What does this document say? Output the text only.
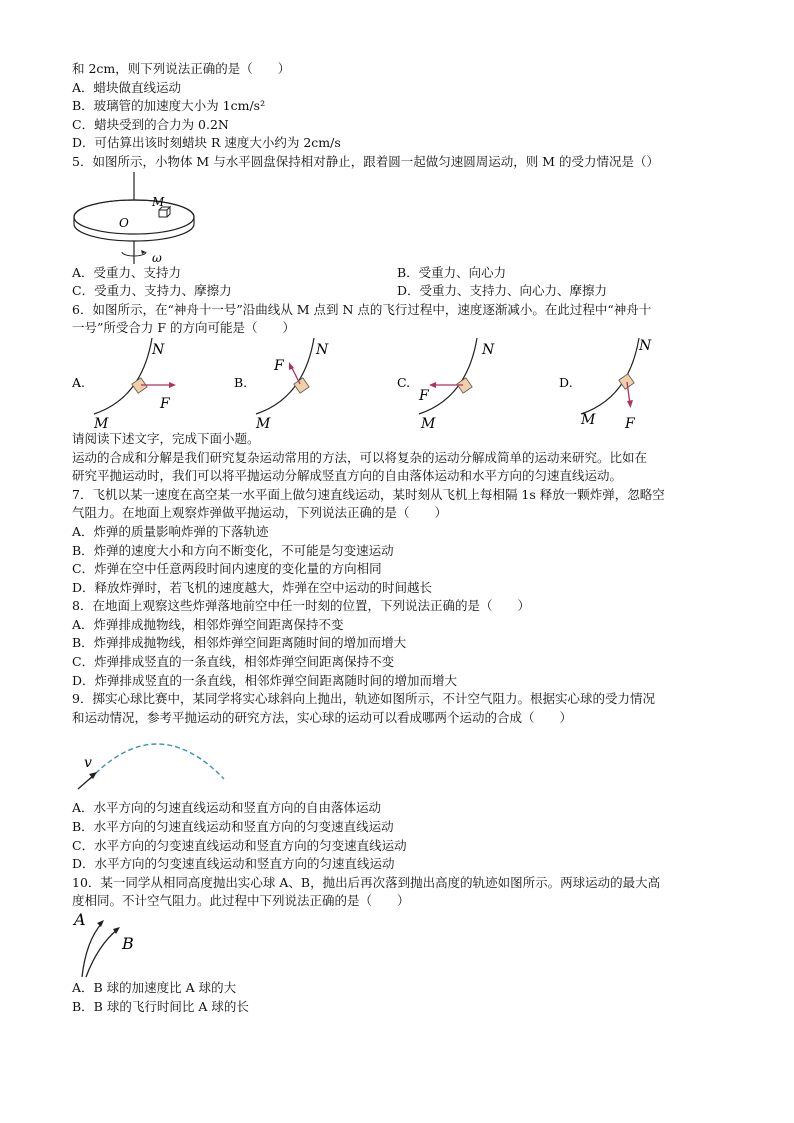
和 2cm，则下列说法正确的是（　　）
A．蜡块做直线运动
B．玻璃管的加速度大小为 1cm/s²
C．蜡块受到的合力为 0.2N
D．可估算出该时刻蜡块 R 速度大小约为 2cm/s
5．如图所示，小物体 M 与水平圆盘保持相对静止，跟着圆一起做匀速圆周运动，则 M 的受力情况是（）
M
O
ω
A．受重力、支持力	B．受重力、向心力
C．受重力、支持力、摩擦力	D．受重力、支持力、向心力、摩擦力
6．如图所示，在“神舟十一号”沿曲线从 M 点到 N 点的飞行过程中，速度逐渐减小。在此过程中“神舟十
一号”所受合力 F 的方向可能是（　　）
A.
N
M
F
B.
N
M
F
C.
N
M
F
D.
N
M F
请阅读下述文字，完成下面小题。
运动的合成和分解是我们研究复杂运动常用的方法，可以将复杂的运动分解成简单的运动来研究。比如在
研究平抛运动时，我们可以将平抛运动分解成竖直方向的自由落体运动和水平方向的匀速直线运动。
7．飞机以某一速度在高空某一水平面上做匀速直线运动，某时刻从飞机上每相隔 1s 释放一颗炸弹，忽略空
气阻力。在地面上观察炸弹做平抛运动，下列说法正确的是（　　）
A．炸弹的质量影响炸弹的下落轨迹
B．炸弹的速度大小和方向不断变化，不可能是匀变速运动
C．炸弹在空中任意两段时间内速度的变化量的方向相同
D．释放炸弹时，若飞机的速度越大，炸弹在空中运动的时间越长
8．在地面上观察这些炸弹落地前空中任一时刻的位置，下列说法正确的是（　　）
A．炸弹排成抛物线，相邻炸弹空间距离保持不变
B．炸弹排成抛物线，相邻炸弹空间距离随时间的增加而增大
C．炸弹排成竖直的一条直线，相邻炸弹空间距离保持不变
D．炸弹排成竖直的一条直线，相邻炸弹空间距离随时间的增加而增大
9．掷实心球比赛中，某同学将实心球斜向上抛出，轨迹如图所示，不计空气阻力。根据实心球的受力情况
和运动情况，参考平抛运动的研究方法，实心球的运动可以看成哪两个运动的合成（　　）
v
A．水平方向的匀速直线运动和竖直方向的自由落体运动
B．水平方向的匀速直线运动和竖直方向的匀变速直线运动
C．水平方向的匀变速直线运动和竖直方向的匀变速直线运动
D．水平方向的匀变速直线运动和竖直方向的匀速直线运动
10．某一同学从相同高度抛出实心球 A、B，抛出后再次落到抛出高度的轨迹如图所示。两球运动的最大高
度相同。不计空气阻力。此过程中下列说法正确的是（　　）
A
B
A．B 球的加速度比 A 球的大
B．B 球的飞行时间比 A 球的长
